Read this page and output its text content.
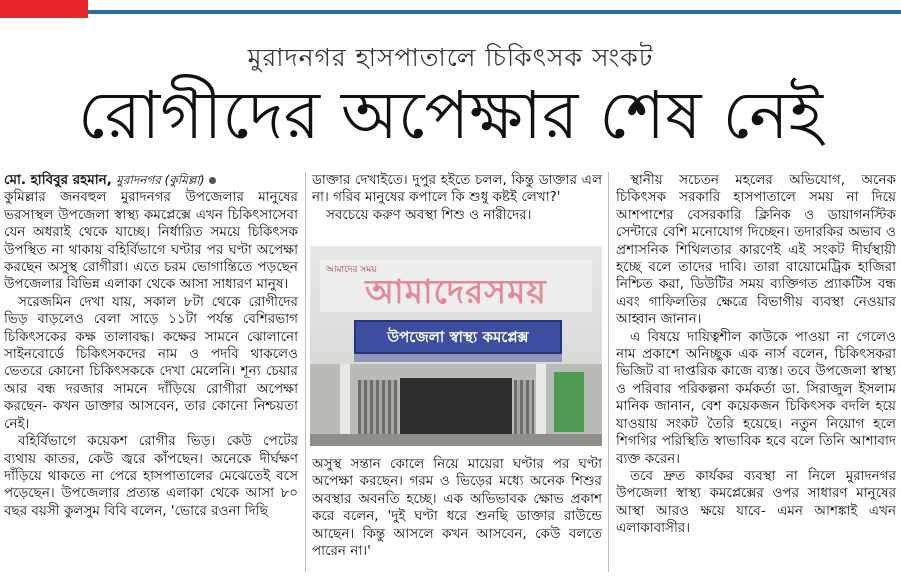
মুরাদনগর হাসপাতালে চিকিৎসক সংকট
রোগীদের অপেক্ষার শেষ নেই

মো. হাবিবুর রহমান, মুরাদনগর (কুমিল্লা)

কুমিল্লার জনবহুল মুরাদনগর উপজেলার মানুষের ভরসাস্থল উপজেলা স্বাস্থ্য কমপ্লেক্সে এখন চিকিৎসাসেবা যেন অধরাই থেকে যাচ্ছে। নির্ধারিত সময়ে চিকিৎসক উপস্থিত না থাকায় বহির্বিভাগে ঘণ্টার পর ঘণ্টা অপেক্ষা করছেন অসুস্থ রোগীরা। এতে চরম ভোগান্তিতে পড়ছেন উপজেলার বিভিন্ন এলাকা থেকে আসা সাধারণ মানুষ।

সরেজমিন দেখা যায়, সকাল ৮টা থেকে রোগীদের ভিড় বাড়লেও বেলা সাড়ে ১১টা পর্যন্ত বেশিরভাগ চিকিৎসকের কক্ষ তালাবদ্ধ। কক্ষের সামনে ঝোলানো সাইনবোর্ডে চিকিৎসকদের নাম ও পদবি থাকলেও ভেতরে কোনো চিকিৎসককে দেখা মেলেনি। শূন্য চেয়ার আর বন্ধ দরজার সামনে দাঁড়িয়ে রোগীরা অপেক্ষা করছেন- কখন ডাক্তার আসবেন, তার কোনো নিশ্চয়তা নেই।

বহির্বিভাগে কয়েকশ রোগীর ভিড়। কেউ পেটের ব্যথায় কাতর, কেউ জ্বরে কাঁপছেন। অনেকে দীর্ঘক্ষণ দাঁড়িয়ে থাকতে না পেরে হাসপাতালের মেঝেতেই বসে পড়েছেন। উপজেলার প্রত্যন্ত এলাকা থেকে আসা ৮০ বছর বয়সী কুলসুম বিবি বলেন, 'ভোরে রওনা দিছি

ডাক্তার দেখাইতে। দুপুর হইতে চলল, কিন্তু ডাক্তার এল না। গরিব মানুষের কপালে কি শুধু কষ্টই লেখা?'

সবচেয়ে করুণ অবস্থা শিশু ও নারীদের।

আমাদের সময়
আমাদেরসময়
উপজেলা স্বাস্থ্য কমপ্লেক্স

অসুস্থ সন্তান কোলে নিয়ে মায়েরা ঘণ্টার পর ঘণ্টা অপেক্ষা করছেন। গরম ও ভিড়ের মধ্যে অনেক শিশুর অবস্থার অবনতি হচ্ছে। এক অভিভাবক ক্ষোভ প্রকাশ করে বলেন, 'দুই ঘণ্টা ধরে শুনছি ডাক্তার রাউন্ডে আছেন। কিন্তু আসলে কখন আসবেন, কেউ বলতে পারেন না।'

স্থানীয় সচেতন মহলের অভিযোগ, অনেক চিকিৎসক সরকারি হাসপাতালে সময় না দিয়ে আশপাশের বেসরকারি ক্লিনিক ও ডায়াগনস্টিক সেন্টারে বেশি মনোযোগ দিচ্ছেন। তদারকির অভাব ও প্রশাসনিক শিথিলতার কারণেই এই সংকট দীর্ঘস্থায়ী হচ্ছে বলে তাদের দাবি। তারা বায়োমেট্রিক হাজিরা নিশ্চিত করা, ডিউটির সময় ব্যক্তিগত প্র্যাকটিস বন্ধ এবং গাফিলতির ক্ষেত্রে বিভাগীয় ব্যবস্থা নেওয়ার আহ্বান জানান।

এ বিষয়ে দায়িত্বশীল কাউকে পাওয়া না গেলেও নাম প্রকাশে অনিচ্ছুক এক নার্স বলেন, চিকিৎসকরা ভিজিট বা দাপ্তরিক কাজে ব্যস্ত। তবে উপজেলা স্বাস্থ্য ও পরিবার পরিকল্পনা কর্মকর্তা ডা. সিরাজুল ইসলাম মানিক জানান, বেশ কয়েকজন চিকিৎসক বদলি হয়ে যাওয়ায় সংকট তৈরি হয়েছে। নতুন নিয়োগ হলে শিগগির পরিস্থিতি স্বাভাবিক হবে বলে তিনি আশাবাদ ব্যক্ত করেন।

তবে দ্রুত কার্যকর ব্যবস্থা না নিলে মুরাদনগর উপজেলা স্বাস্থ্য কমপ্লেক্সের ওপর সাধারণ মানুষের আস্থা আরও ক্ষয়ে যাবে- এমন আশঙ্কাই এখন এলাকাবাসীর।
